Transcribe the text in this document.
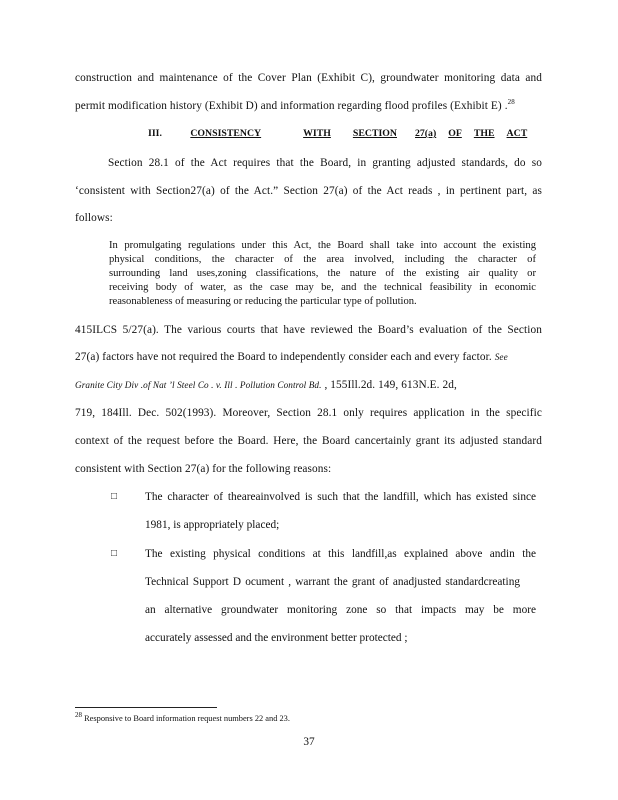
construction and maintenance of the Cover Plan (Exhibit C), groundwater monitoring data and
permit modification history (Exhibit D) and information regarding flood profiles (Exhibit E) .$^{28}$
III.	CONSISTENCY	WITH SECTION 27(a) OF THE ACT
Section 28.1 of the Act requires that the Board, in granting adjusted standards, do so
‘consistent with Section27(a) of the Act.” Section 27(a) of the Act reads , in pertinent part, as
follows:
In promulgating regulations under this Act, the Board shall take into account the existing
physical conditions, the character of the area involved, including the character of
surrounding land uses,zoning classifications, the nature of the existing air quality or
receiving body of water, as the case may be, and the technical feasibility in economic
reasonableness of measuring or reducing the particular type of pollution.
415ILCS 5/27(a). The various courts that have reviewed the Board’s evaluation of the Section
27(a) factors have not required the Board to independently consider each and every factor. See
Granite City Div .of Nat ’l Steel Co . v. Ill . Pollution Control Bd. , 155Ill.2d. 149, 613N.E. 2d,
719, 184Ill. Dec. 502(1993). Moreover, Section 28.1 only requires application in the specific
context of the request before the Board. Here, the Board cancertainly grant its adjusted standard
consistent with Section 27(a) for the following reasons:
□ The character of theareainvolved is such that the landfill, which has existed since
1981, is appropriately placed;
□ The existing physical conditions at this landfill,as explained above andin the
Technical Support D ocument , warrant the grant of anadjusted standardcreating
an alternative groundwater monitoring zone so that impacts may be more
accurately assessed and the environment better protected ;
$^{28}$ Responsive to Board information request numbers 22 and 23.
37
